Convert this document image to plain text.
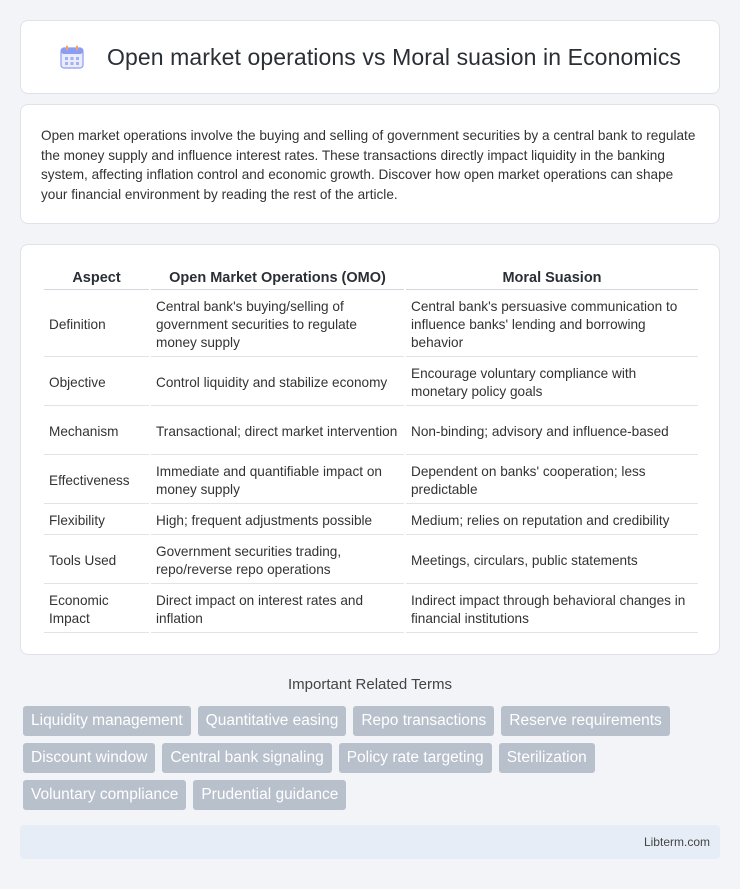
Open market operations vs Moral suasion in Economics

Open market operations involve the buying and selling of government securities by a central bank to regulate the money supply and influence interest rates. These transactions directly impact liquidity in the banking system, affecting inflation control and economic growth. Discover how open market operations can shape your financial environment by reading the rest of the article.

Aspect	Open Market Operations (OMO)	Moral Suasion
Definition	Central bank's buying/selling of government securities to regulate money supply	Central bank's persuasive communication to influence banks' lending and borrowing behavior
Objective	Control liquidity and stabilize economy	Encourage voluntary compliance with monetary policy goals
Mechanism	Transactional; direct market intervention	Non-binding; advisory and influence-based
Effectiveness	Immediate and quantifiable impact on money supply	Dependent on banks' cooperation; less predictable
Flexibility	High; frequent adjustments possible	Medium; relies on reputation and credibility
Tools Used	Government securities trading, repo/reverse repo operations	Meetings, circulars, public statements
Economic Impact	Direct impact on interest rates and inflation	Indirect impact through behavioral changes in financial institutions
Important Related Terms
Liquidity management	Quantitative easing	Repo transactions	Reserve requirements
Discount window	Central bank signaling	Policy rate targeting	Sterilization
Voluntary compliance	Prudential guidance
Libterm.com
